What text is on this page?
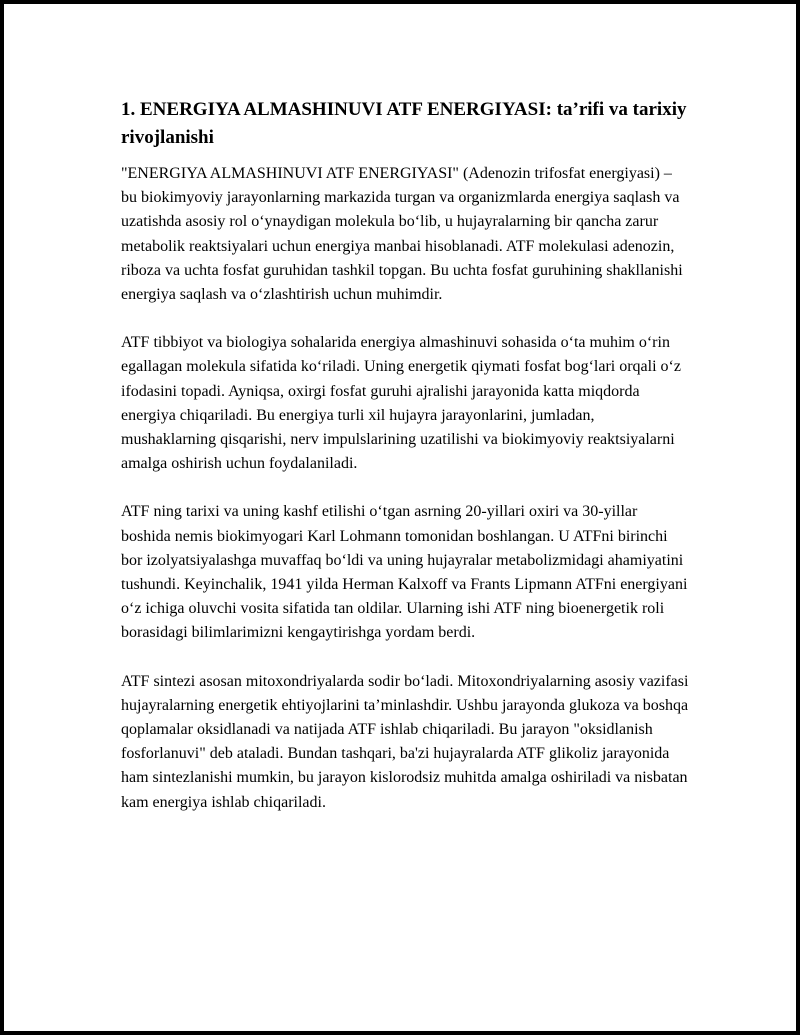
1. ENERGIYA ALMASHINUVI ATF ENERGIYASI: ta’rifi va tarixiy rivojlanishi

"ENERGIYA ALMASHINUVI ATF ENERGIYASI" (Adenozin trifosfat energiyasi) – bu biokimyoviy jarayonlarning markazida turgan va organizmlarda energiya saqlash va uzatishda asosiy rol o‘ynaydigan molekula bo‘lib, u hujayralarning bir qancha zarur metabolik reaktsiyalari uchun energiya manbai hisoblanadi. ATF molekulasi adenozin, riboza va uchta fosfat guruhidan tashkil topgan. Bu uchta fosfat guruhining shakllanishi energiya saqlash va o‘zlashtirish uchun muhimdir.

ATF tibbiyot va biologiya sohalarida energiya almashinuvi sohasida o‘ta muhim o‘rin egallagan molekula sifatida ko‘riladi. Uning energetik qiymati fosfat bog‘lari orqali o‘z ifodasini topadi. Ayniqsa, oxirgi fosfat guruhi ajralishi jarayonida katta miqdorda energiya chiqariladi. Bu energiya turli xil hujayra jarayonlarini, jumladan, mushaklarning qisqarishi, nerv impulslarining uzatilishi va biokimyoviy reaktsiyalarni amalga oshirish uchun foydalaniladi.

ATF ning tarixi va uning kashf etilishi o‘tgan asrning 20-yillari oxiri va 30-yillar boshida nemis biokimyogari Karl Lohmann tomonidan boshlangan. U ATFni birinchi bor izolyatsiyalashga muvaffaq bo‘ldi va uning hujayralar metabolizmidagi ahamiyatini tushundi. Keyinchalik, 1941 yilda Herman Kalxoff va Frants Lipmann ATFni energiyani o‘z ichiga oluvchi vosita sifatida tan oldilar. Ularning ishi ATF ning bioenergetik roli borasidagi bilimlarimizni kengaytirishga yordam berdi.

ATF sintezi asosan mitoxondriyalarda sodir bo‘ladi. Mitoxondriyalarning asosiy vazifasi hujayralarning energetik ehtiyojlarini ta’minlashdir. Ushbu jarayonda glukoza va boshqa qoplamalar oksidlanadi va natijada ATF ishlab chiqariladi. Bu jarayon "oksidlanish fosforlanuvi" deb ataladi. Bundan tashqari, ba'zi hujayralarda ATF glikoliz jarayonida ham sintezlanishi mumkin, bu jarayon kislorodsiz muhitda amalga oshiriladi va nisbatan kam energiya ishlab chiqariladi.
